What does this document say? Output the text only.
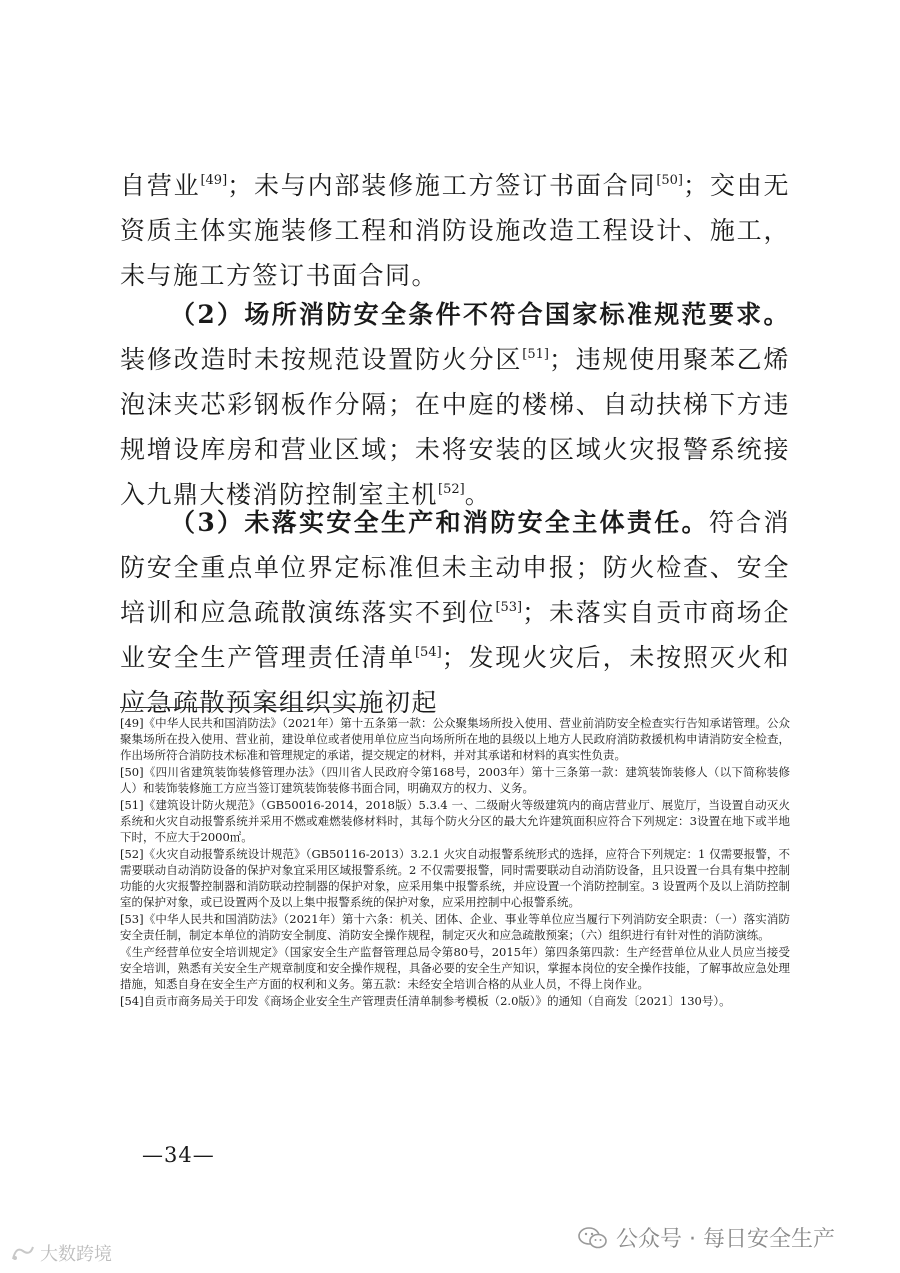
自营业[49]；未与内部装修施工方签订书面合同[50]；交由无资质主体实施装修工程和消防设施改造工程设计、施工，未与施工方签订书面合同。

（2）场所消防安全条件不符合国家标准规范要求。装修改造时未按规范设置防火分区[51]；违规使用聚苯乙烯泡沫夹芯彩钢板作分隔；在中庭的楼梯、自动扶梯下方违规增设库房和营业区域；未将安装的区域火灾报警系统接入九鼎大楼消防控制室主机[52]。

（3）未落实安全生产和消防安全主体责任。符合消防安全重点单位界定标准但未主动申报；防火检查、安全培训和应急疏散演练落实不到位[53]；未落实自贡市商场企业安全生产管理责任清单[54]；发现火灾后，未按照灭火和应急疏散预案组织实施初起

[49]《中华人民共和国消防法》（2021年）第十五条第一款：公众聚集场所投入使用、营业前消防安全检查实行告知承诺管理。公众聚集场所在投入使用、营业前，建设单位或者使用单位应当向场所所在地的县级以上地方人民政府消防救援机构申请消防安全检查，作出场所符合消防技术标准和管理规定的承诺，提交规定的材料，并对其承诺和材料的真实性负责。

[50]《四川省建筑装饰装修管理办法》（四川省人民政府令第168号，2003年）第十三条第一款：建筑装饰装修人（以下简称装修人）和装饰装修施工方应当签订建筑装饰装修书面合同，明确双方的权力、义务。

[51]《建筑设计防火规范》（GB50016-2014，2018版）5.3.4 一、二级耐火等级建筑内的商店营业厅、展览厅，当设置自动灭火系统和火灾自动报警系统并采用不燃或难燃装修材料时，其每个防火分区的最大允许建筑面积应符合下列规定：3设置在地下或半地下时，不应大于2000㎡。

[52]《火灾自动报警系统设计规范》（GB50116-2013）3.2.1 火灾自动报警系统形式的选择，应符合下列规定：1 仅需要报警，不需要联动自动消防设备的保护对象宜采用区域报警系统。2 不仅需要报警，同时需要联动自动消防设备，且只设置一台具有集中控制功能的火灾报警控制器和消防联动控制器的保护对象，应采用集中报警系统，并应设置一个消防控制室。3 设置两个及以上消防控制室的保护对象，或已设置两个及以上集中报警系统的保护对象，应采用控制中心报警系统。

[53]《中华人民共和国消防法》（2021年）第十六条：机关、团体、企业、事业等单位应当履行下列消防安全职责：（一）落实消防安全责任制，制定本单位的消防安全制度、消防安全操作规程，制定灭火和应急疏散预案；（六）组织进行有针对性的消防演练。

《生产经营单位安全培训规定》（国家安全生产监督管理总局令第80号，2015年）第四条第四款：生产经营单位从业人员应当接受安全培训，熟悉有关安全生产规章制度和安全操作规程，具备必要的安全生产知识，掌握本岗位的安全操作技能，了解事故应急处理措施，知悉自身在安全生产方面的权利和义务。第五款：未经安全培训合格的从业人员，不得上岗作业。

[54]自贡市商务局关于印发《商场企业安全生产管理责任清单制参考模板（2.0版）》的通知（自商发〔2021〕130号）。

—34—
公众号 · 每日安全生产
大数跨境
